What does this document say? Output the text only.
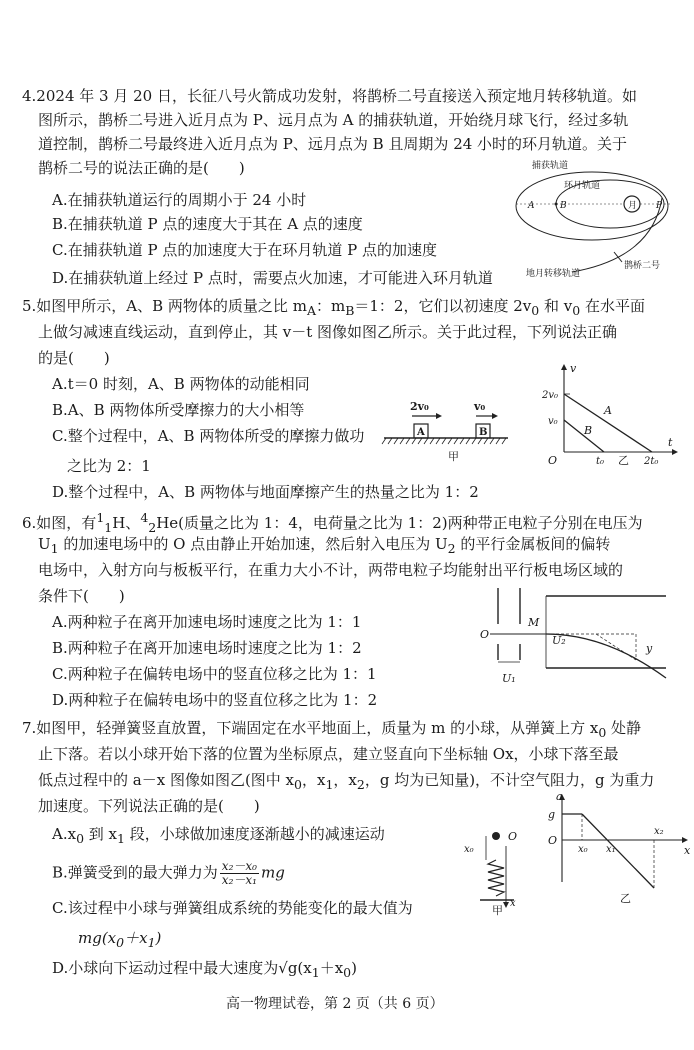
4.2024 年 3 月 20 日，长征八号火箭成功发射，将鹊桥二号直接送入预定地月转移轨道。如
图所示，鹊桥二号进入近月点为 P、远月点为 A 的捕获轨道，开始绕月球飞行，经过多轨
道控制，鹊桥二号最终进入近月点为 P、远月点为 B 且周期为 24 小时的环月轨道。关于
鹊桥二号的说法正确的是(　　)
A.在捕获轨道运行的周期小于 24 小时
B.在捕获轨道 P 点的速度大于其在 A 点的速度
C.在捕获轨道 P 点的加速度大于在环月轨道 P 点的加速度
D.在捕获轨道上经过 P 点时，需要点火加速，才可能进入环月轨道
月
A	B	P
捕获轨道
环月轨道
地月转移轨道
鹊桥二号
5.如图甲所示，A、B 两物体的质量之比 $m_A$：$m_B=1$：2，它们以初速度 $2v_0$ 和 $v_0$ 在水平面
上做匀减速直线运动，直到停止，其 v－t 图像如图乙所示。关于此过程，下列说法正确
的是(　　)
A.t＝0 时刻，A、B 两物体的动能相同
B.A、B 两物体所受摩擦力的大小相等
C.整个过程中，A、B 两物体所受的摩擦力做功
　之比为 2：1
D.整个过程中，A、B 两物体与地面摩擦产生的热量之比为 1：2
2v₀	v₀
A	B
甲
v
t
O
2v₀
v₀
t₀	2t₀
A
B
乙
6.如图，有$^1_1$H、$^4_2$He(质量之比为 1：4，电荷量之比为 1：2)两种带正电粒子分别在电压为
$U_1$ 的加速电场中的 O 点由静止开始加速，然后射入电压为 $U_2$ 的平行金属板间的偏转
电场中，入射方向与板板平行，在重力大小不计，两带电粒子均能射出平行板电场区域的
条件下(　　)
A.两种粒子在离开加速电场时速度之比为 1：1
B.两种粒子在离开加速电场时速度之比为 1：2
C.两种粒子在偏转电场中的竖直位移之比为 1：1
D.两种粒子在偏转电场中的竖直位移之比为 1：2
O
U₁
M
U₂
y
7.如图甲，轻弹簧竖直放置，下端固定在水平地面上，质量为 m 的小球，从弹簧上方 $x_0$ 处静
止下落。若以小球开始下落的位置为坐标原点，建立竖直向下坐标轴 Ox，小球下落至最
低点过程中的 a－x 图像如图乙(图中 $x_0$，$x_1$，$x_2$，g 均为已知量)，不计空气阻力，g 为重力
加速度。下列说法正确的是(　　)
$A.x_0$ 到 $x_1$ 段，小球做加速度逐渐越小的减速运动
B.弹簧受到的最大弹力为 $\frac{\text{x₂－x₀}}{\text{x₂－x₁}}$ mg
C.该过程中小球与弹簧组成系统的势能变化的最大值为
$mg(x_0+x_1)$
D.小球向下运动过程中最大速度为$√g(x_1+x_0)$
O
x₀
x
甲
a
x
O
g
x₀ x₁
x₂
乙
高一物理试卷，第 2 页（共 6 页）
